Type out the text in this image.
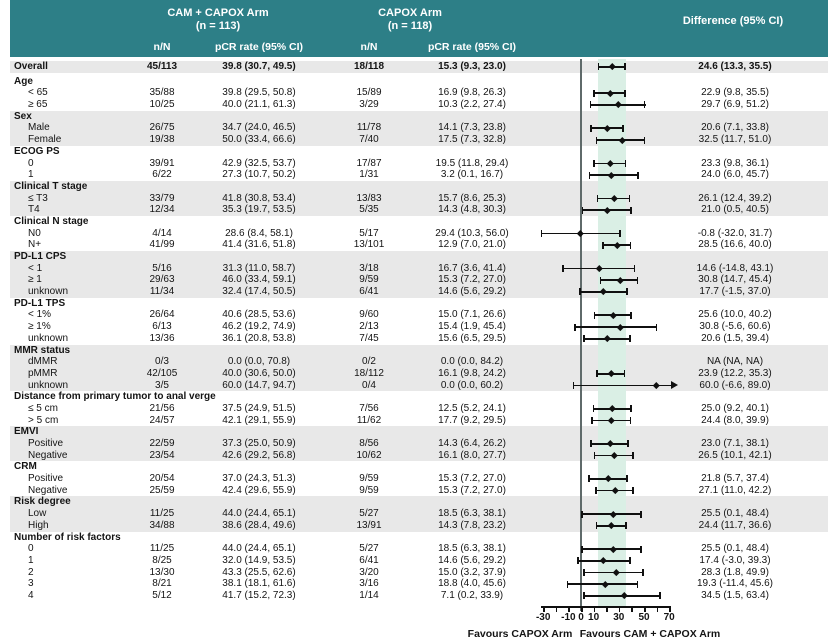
CAM + CAPOX Arm
(n = 113)
CAPOX Arm
(n = 118)	Difference (95% CI)
n/N	pCR rate (95% CI)	n/N	pCR rate (95% CI)
Overall	45/113	39.8 (30.7, 49.5)	18/118	15.3 (9.3, 23.0)	24.6 (13.3, 35.5)
Age
< 65	35/88	39.8 (29.5, 50.8)	15/89	16.9 (9.8, 26.3)	22.9 (9.8, 35.5)
≥ 65	10/25	40.0 (21.1, 61.3)	3/29	10.3 (2.2, 27.4)	29.7 (6.9, 51.2)
Sex
Male	26/75	34.7 (24.0, 46.5)	11/78	14.1 (7.3, 23.8)	20.6 (7.1, 33.8)
Female	19/38	50.0 (33.4, 66.6)	7/40	17.5 (7.3, 32.8)	32.5 (11.7, 51.0)
ECOG PS
0	39/91	42.9 (32.5, 53.7)	17/87	19.5 (11.8, 29.4)	23.3 (9.8, 36.1)
1	6/22	27.3 (10.7, 50.2)	1/31	3.2 (0.1, 16.7)	24.0 (6.0, 45.7)
Clinical T stage
≤ T3	33/79	41.8 (30.8, 53.4)	13/83	15.7 (8.6, 25.3)	26.1 (12.4, 39.2)
T4	12/34	35.3 (19.7, 53.5)	5/35	14.3 (4.8, 30.3)	21.0 (0.5, 40.5)
Clinical N stage
N0	4/14	28.6 (8.4, 58.1)	5/17	29.4 (10.3, 56.0)	-0.8 (-32.0, 31.7)
N+	41/99	41.4 (31.6, 51.8)	13/101	12.9 (7.0, 21.0)	28.5 (16.6, 40.0)
PD-L1 CPS
< 1	5/16	31.3 (11.0, 58.7)	3/18	16.7 (3.6, 41.4)	14.6 (-14.8, 43.1)
≥ 1	29/63	46.0 (33.4, 59.1)	9/59	15.3 (7.2, 27.0)	30.8 (14.7, 45.4)
unknown	11/34	32.4 (17.4, 50.5)	6/41	14.6 (5.6, 29.2)	17.7 (-1.5, 37.0)
PD-L1 TPS
< 1%	26/64	40.6 (28.5, 53.6)	9/60	15.0 (7.1, 26.6)	25.6 (10.0, 40.2)
≥ 1%	6/13	46.2 (19.2, 74.9)	2/13	15.4 (1.9, 45.4)	30.8 (-5.6, 60.6)
unknown	13/36	36.1 (20.8, 53.8)	7/45	15.6 (6.5, 29.5)	20.6 (1.5, 39.4)
MMR status
dMMR	0/3	0.0 (0.0, 70.8)	0/2	0.0 (0.0, 84.2)	NA (NA, NA)
pMMR	42/105	40.0 (30.6, 50.0)	18/112	16.1 (9.8, 24.2)	23.9 (12.2, 35.3)
unknown	3/5	60.0 (14.7, 94.7)	0/4	0.0 (0.0, 60.2)	60.0 (-6.6, 89.0)
Distance from primary tumor to anal verge
≤ 5 cm	21/56	37.5 (24.9, 51.5)	7/56	12.5 (5.2, 24.1)	25.0 (9.2, 40.1)
> 5 cm	24/57	42.1 (29.1, 55.9)	11/62	17.7 (9.2, 29.5)	24.4 (8.0, 39.9)
EMVI
Positive	22/59	37.3 (25.0, 50.9)	8/56	14.3 (6.4, 26.2)	23.0 (7.1, 38.1)
Negative	23/54	42.6 (29.2, 56.8)	10/62	16.1 (8.0, 27.7)	26.5 (10.1, 42.1)
CRM
Positive	20/54	37.0 (24.3, 51.3)	9/59	15.3 (7.2, 27.0)	21.8 (5.7, 37.4)
Negative	25/59	42.4 (29.6, 55.9)	9/59	15.3 (7.2, 27.0)	27.1 (11.0, 42.2)
Risk degree
Low	11/25	44.0 (24.4, 65.1)	5/27	18.5 (6.3, 38.1)	25.5 (0.1, 48.4)
High	34/88	38.6 (28.4, 49.6)	13/91	14.3 (7.8, 23.2)	24.4 (11.7, 36.6)
Number of risk factors
0	11/25	44.0 (24.4, 65.1)	5/27	18.5 (6.3, 38.1)	25.5 (0.1, 48.4)
1	8/25	32.0 (14.9, 53.5)	6/41	14.6 (5.6, 29.2)	17.4 (-3.0, 39.3)
2	13/30	43.3 (25.5, 62.6)	3/20	15.0 (3.2, 37.9)	28.3 (1.8, 49.9)
3	8/21	38.1 (18.1, 61.6)	3/16	18.8 (4.0, 45.6)	19.3 (-11.4, 45.6)
4	5/12	41.7 (15.2, 72.3)	1/14	7.1 (0.2, 33.9)	34.5 (1.5, 63.4)
-30	-10 0 10	30	50	70
Favours CAPOX Arm Favours CAM + CAPOX Arm
